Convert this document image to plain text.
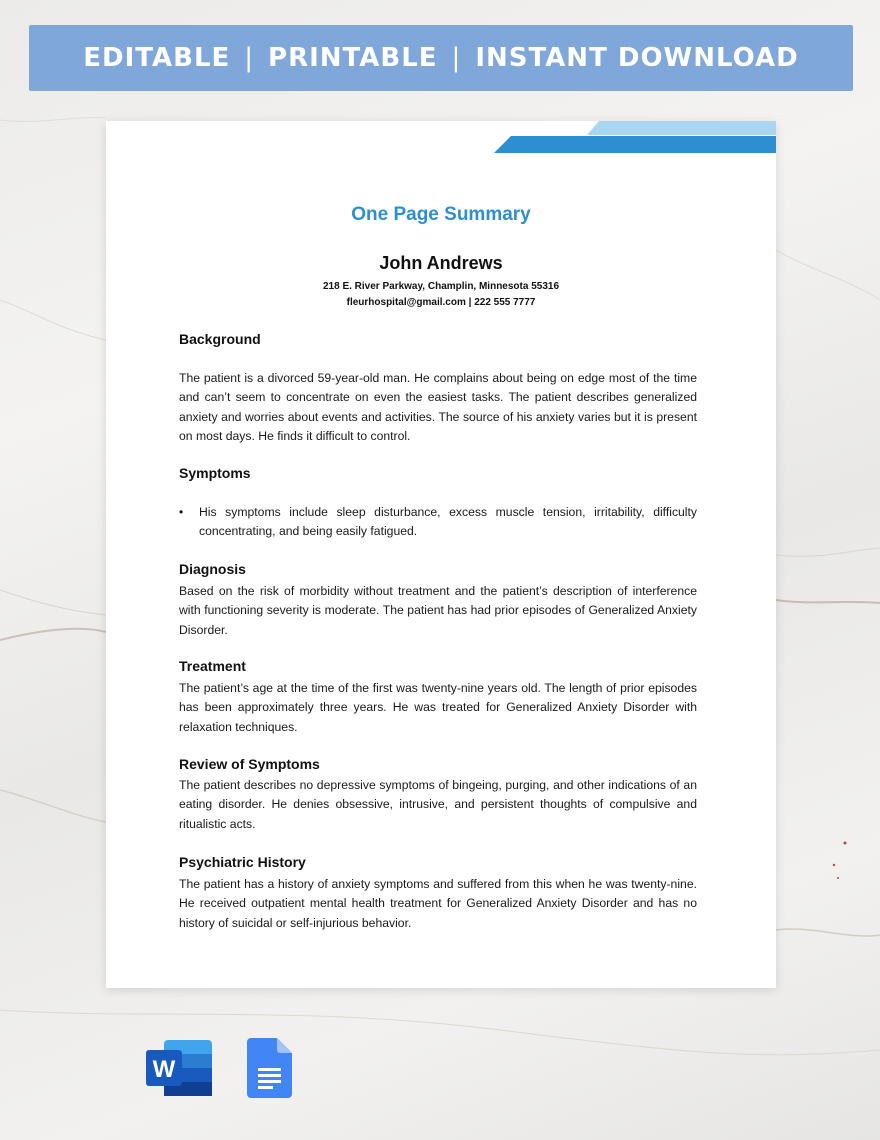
EDITABLE | PRINTABLE | INSTANT DOWNLOAD
One Page Summary
John Andrews
218 E. River Parkway, Champlin, Minnesota 55316
fleurhospital@gmail.com | 222 555 7777
Background
The patient is a divorced 59-year-old man. He complains about being on edge most of the time and can’t seem to concentrate on even the easiest tasks. The patient describes generalized anxiety and worries about events and activities. The source of his anxiety varies but it is present on most days. He finds it difficult to control.
Symptoms
• His symptoms include sleep disturbance, excess muscle tension, irritability, difficulty concentrating, and being easily fatigued.
Diagnosis
Based on the risk of morbidity without treatment and the patient’s description of interference with functioning severity is moderate. The patient has had prior episodes of Generalized Anxiety Disorder.
Treatment
The patient’s age at the time of the first was twenty-nine years old. The length of prior episodes has been approximately three years. He was treated for Generalized Anxiety Disorder with relaxation techniques.
Review of Symptoms
The patient describes no depressive symptoms of bingeing, purging, and other indications of an eating disorder. He denies obsessive, intrusive, and persistent thoughts of compulsive and ritualistic acts.
Psychiatric History
The patient has a history of anxiety symptoms and suffered from this when he was twenty-nine. He received outpatient mental health treatment for Generalized Anxiety Disorder and has no history of suicidal or self-injurious behavior.
W
